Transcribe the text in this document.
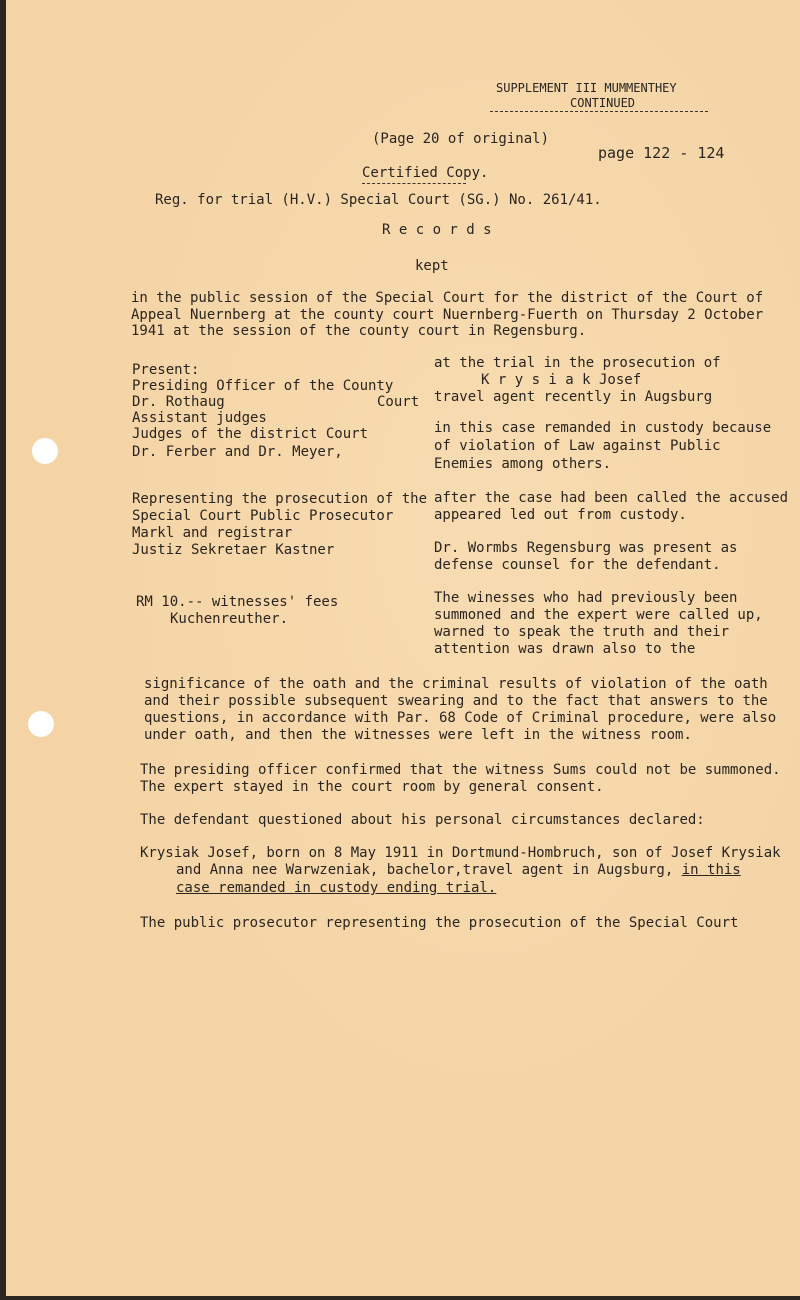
SUPPLEMENT III MUMMENTHEY
CONTINUED
(Page 20 of original)
page 122 - 124
Certified Copy.
Reg. for trial (H.V.) Special Court (SG.) No. 261/41.
R e c o r d s
kept
in the public session of the Special Court for the district of the Court of
Appeal Nuernberg at the county court Nuernberg-Fuerth on Thursday 2 October
1941 at the session of the county court in Regensburg.
Present:
Presiding Officer of the County
Dr. Rothaug	Court
Assistant judges
Judges of the district Court
Dr. Ferber and Dr. Meyer,
Representing the prosecution of the
Special Court Public Prosecutor
Markl and registrar
Justiz Sekretaer Kastner
RM 10.-- witnesses' fees
Kuchenreuther.
at the trial in the prosecution of
K r y s i a k Josef
travel agent recently in Augsburg
in this case remanded in custody because
of violation of Law against Public
Enemies among others.
after the case had been called the accused
appeared led out from custody.
Dr. Wormbs Regensburg was present as
defense counsel for the defendant.
The winesses who had previously been
summoned and the expert were called up,
warned to speak the truth and their
attention was drawn also to the
significance of the oath and the criminal results of violation of the oath
and their possible subsequent swearing and to the fact that answers to the
questions, in accordance with Par. 68 Code of Criminal procedure, were also
under oath, and then the witnesses were left in the witness room.
The presiding officer confirmed that the witness Sums could not be summoned.
The expert stayed in the court room by general consent.
The defendant questioned about his personal circumstances declared:
Krysiak Josef, born on 8 May 1911 in Dortmund-Hombruch, son of Josef Krysiak
and Anna nee Warwzeniak, bachelor,travel agent in Augsburg, in this
case remanded in custody ending trial.
The public prosecutor representing the prosecution of the Special Court
